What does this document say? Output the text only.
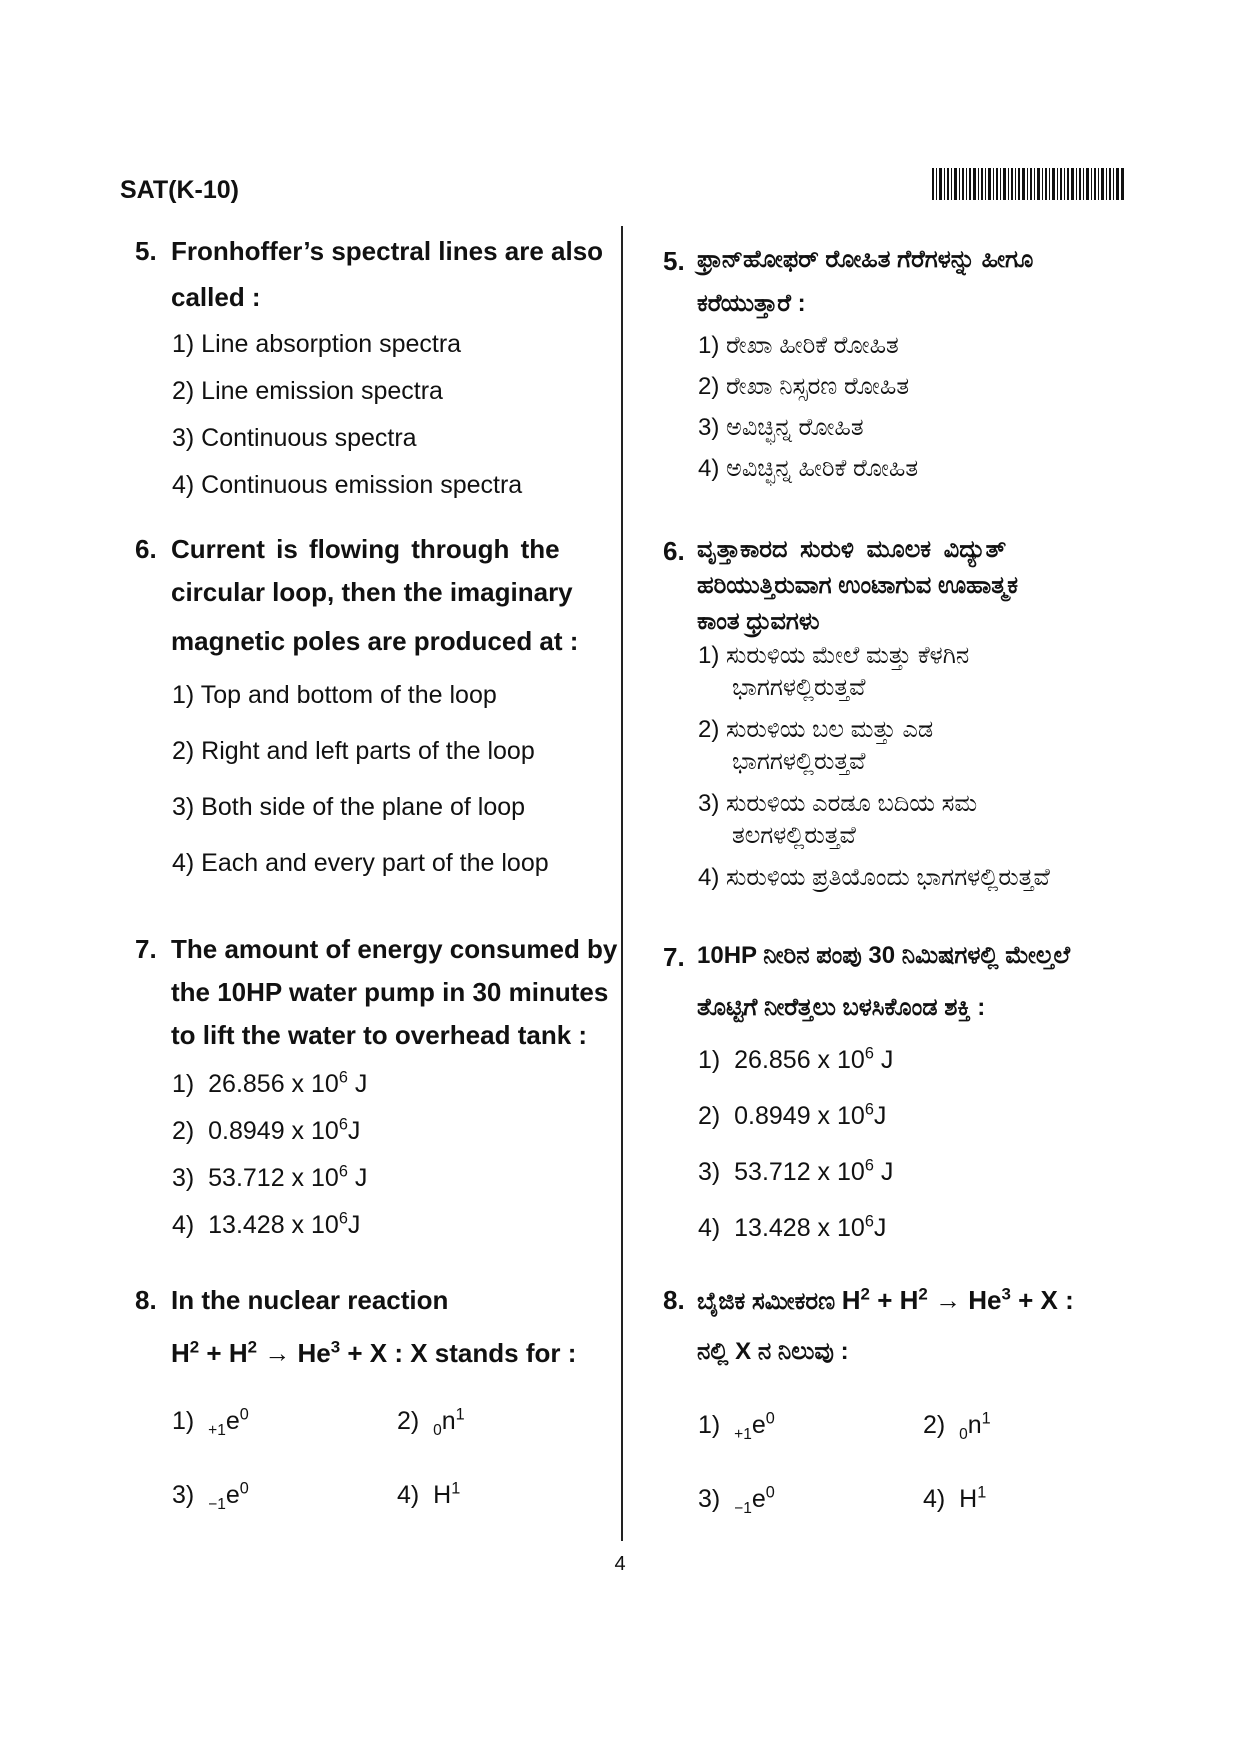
SAT(K-10)
5. Fronhoffer’s spectral lines are also
called :
1) Line absorption spectra
2) Line emission spectra
3) Continuous spectra
4) Continuous emission spectra
6. Current is flowing through the
circular loop, then the imaginary
magnetic poles are produced at :
1) Top and bottom of the loop
2) Right and left parts of the loop
3) Both side of the plane of loop
4) Each and every part of the loop
7. The amount of energy consumed by
the 10HP water pump in 30 minutes
to lift the water to overhead tank :
1) 26.856 x $10^6$ J
2) 0.8949 x $10^6J$
3) 53.712 x $10^6$ J
4) 13.428 x $10^6J$
8. In the nuclear reaction
$H^2 + H^2 \to He^3 + X$ : X stands for :
1) $_{+1}e^0$	2) $_0n^1$
3) $_{-1}e^0$	4) $H^1$
5. ಫ್ರಾನ್‌ಹೋಫರ್ ರೋಹಿತ ಗೆರೆಗಳನ್ನು ಹೀಗೂ
ಕರೆಯುತ್ತಾರೆ :
1) ರೇಖಾ ಹೀರಿಕೆ ರೋಹಿತ
2) ರೇಖಾ ನಿಸ್ಸರಣ ರೋಹಿತ
3) ಅವಿಚ್ಛಿನ್ನ ರೋಹಿತ
4) ಅವಿಚ್ಛಿನ್ನ ಹೀರಿಕೆ ರೋಹಿತ
6. ವೃತ್ತಾಕಾರದ ಸುರುಳಿ ಮೂಲಕ ವಿದ್ಯುತ್
ಹರಿಯುತ್ತಿರುವಾಗ ಉಂಟಾಗುವ ಊಹಾತ್ಮಕ
ಕಾಂತ ಧ್ರುವಗಳು
1) ಸುರುಳಿಯ ಮೇಲೆ ಮತ್ತು ಕೆಳಗಿನ
ಭಾಗಗಳಲ್ಲಿರುತ್ತವೆ
2) ಸುರುಳಿಯ ಬಲ ಮತ್ತು ಎಡ
ಭಾಗಗಳಲ್ಲಿರುತ್ತವೆ
3) ಸುರುಳಿಯ ಎರಡೂ ಬದಿಯ ಸಮ
ತಲಗಳಲ್ಲಿರುತ್ತವೆ
4) ಸುರುಳಿಯ ಪ್ರತಿಯೊಂದು ಭಾಗಗಳಲ್ಲಿರುತ್ತವೆ
7. 10HP ನೀರಿನ ಪಂಪು 30 ನಿಮಿಷಗಳಲ್ಲಿ ಮೇಲ್ತಲೆ
ತೊಟ್ಟಿಗೆ ನೀರೆತ್ತಲು ಬಳಸಿಕೊಂಡ ಶಕ್ತಿ :
1) 26.856 x $10^6$ J
2) 0.8949 x $10^6J$
3) 53.712 x $10^6$ J
4) 13.428 x $10^6J$
8. ಬೈಜಿಕ ಸಮೀಕರಣ $H^2 + H^2 \to He^3 + X$ :
ನಲ್ಲಿ X ನ ನಿಲುವು :
1) $_{+1}e^0$	2) $_0n^1$
3) $_{-1}e^0$	4) $H^1$
4
